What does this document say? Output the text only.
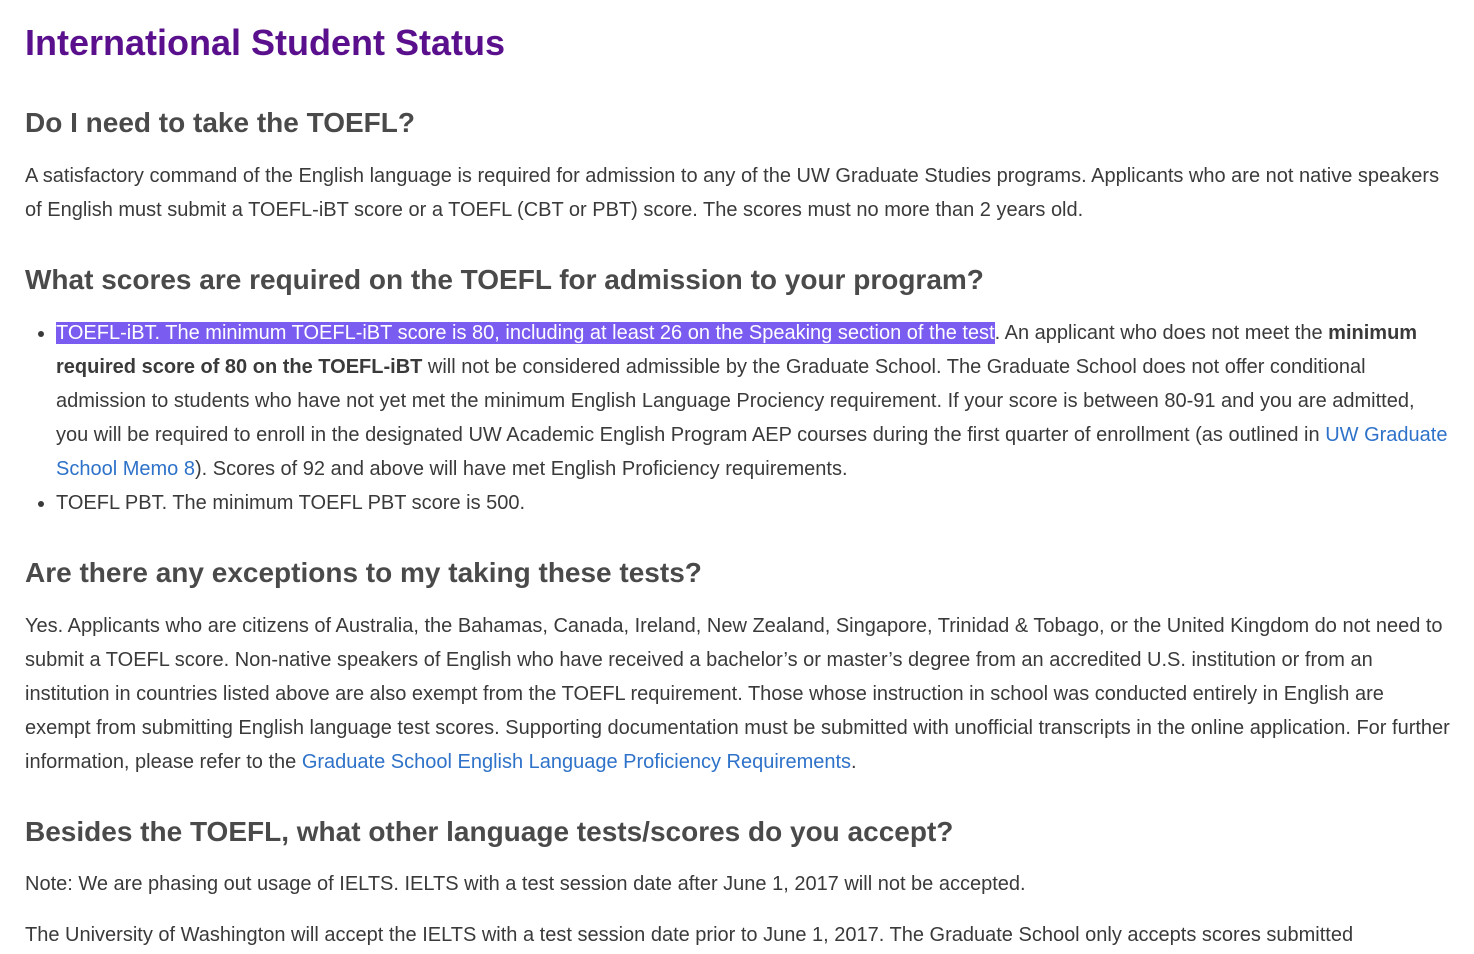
International Student Status
Do I need to take the TOEFL?

A satisfactory command of the English language is required for admission to any of the UW Graduate Studies programs. Applicants who are not native speakers of English must submit a TOEFL-iBT score or a TOEFL (CBT or PBT) score. The scores must no more than 2 years old.

What scores are required on the TOEFL for admission to your program?
• TOEFL-iBT. The minimum TOEFL-iBT score is 80, including at least 26 on the Speaking section of the test. An applicant who does not meet the minimum required score of 80 on the TOEFL-iBT will not be considered admissible by the Graduate School. The Graduate School does not offer conditional admission to students who have not yet met the minimum English Language Prociency requirement. If your score is between 80-91 and you are admitted, you will be required to enroll in the designated UW Academic English Program AEP courses during the first quarter of enrollment (as outlined in UW Graduate School Memo 8). Scores of 92 and above will have met English Proficiency requirements.
• TOEFL PBT. The minimum TOEFL PBT score is 500.
Are there any exceptions to my taking these tests?

Yes. Applicants who are citizens of Australia, the Bahamas, Canada, Ireland, New Zealand, Singapore, Trinidad & Tobago, or the United Kingdom do not need to submit a TOEFL score. Non-native speakers of English who have received a bachelor’s or master’s degree from an accredited U.S. institution or from an institution in countries listed above are also exempt from the TOEFL requirement. Those whose instruction in school was conducted entirely in English are exempt from submitting English language test scores. Supporting documentation must be submitted with unofficial transcripts in the online application. For further information, please refer to the Graduate School English Language Proficiency Requirements.

Besides the TOEFL, what other language tests/scores do you accept?

Note: We are phasing out usage of IELTS. IELTS with a test session date after June 1, 2017 will not be accepted.

The University of Washington will accept the IELTS with a test session date prior to June 1, 2017. The Graduate School only accepts scores submitted
